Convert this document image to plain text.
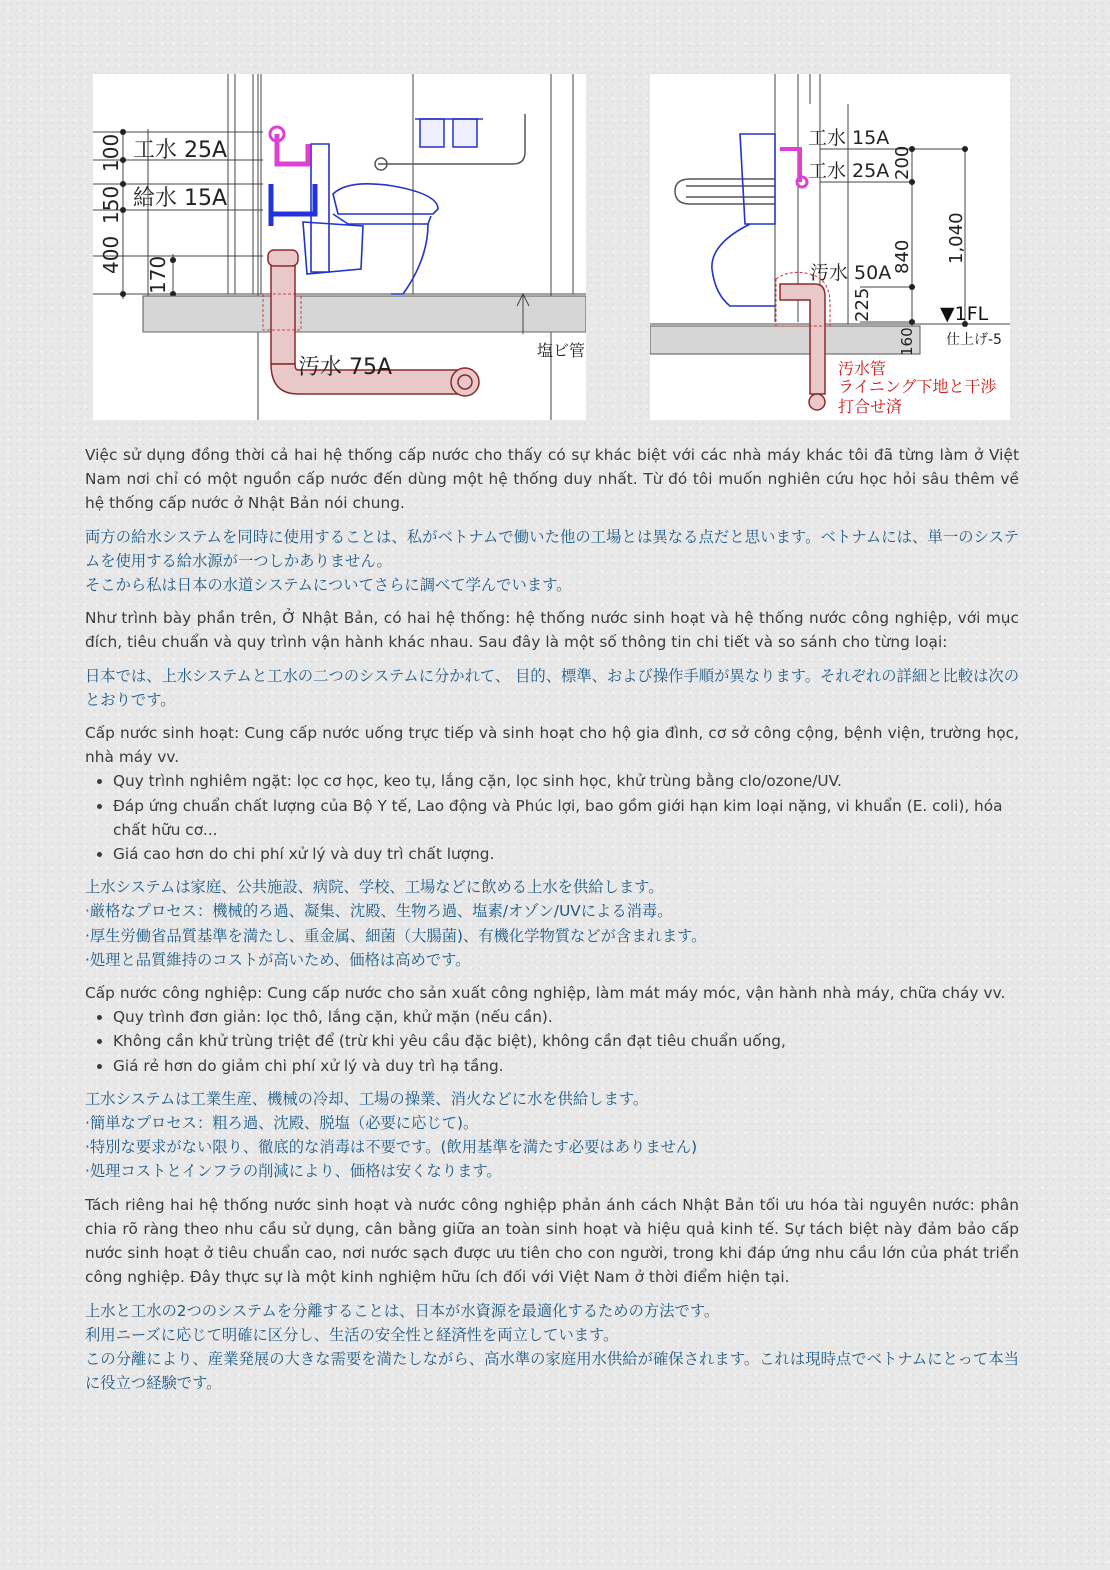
工水 25A
給水 15A
汚水 75A
塩ビ管
100
150
400
170
工水 15A
工水 25A
汚水 50A
200
840 1,040
225
160
▼1FL
仕上げ-5
汚水管
ライニング下地と干渉
打合せ済

Việc sử dụng đồng thời cả hai hệ thống cấp nước cho thấy có sự khác biệt với các nhà máy khác tôi đã từng làm ở Việt Nam nơi chỉ có một nguồn cấp nước đến dùng một hệ thống duy nhất. Từ đó tôi muốn nghiên cứu học hỏi sâu thêm về hệ thống cấp nước ở Nhật Bản nói chung.

両方の給水システムを同時に使用することは、私がベトナムで働いた他の工場とは異なる点だと思います。ベトナムには、単一のシステムを使用する給水源が一つしかありません。
そこから私は日本の水道システムについてさらに調べて学んでいます。

Như trình bày phần trên, Ở Nhật Bản, có hai hệ thống: hệ thống nước sinh hoạt và hệ thống nước công nghiệp, với mục đích, tiêu chuẩn và quy trình vận hành khác nhau. Sau đây là một số thông tin chi tiết và so sánh cho từng loại:

日本では、上水システムと工水の二つのシステムに分かれて、 目的、標準、および操作手順が異なります。それぞれの詳細と比較は次のとおりです。

Cấp nước sinh hoạt: Cung cấp nước uống trực tiếp và sinh hoạt cho hộ gia đình, cơ sở công cộng, bệnh viện, trường học, nhà máy vv.

• Quy trình nghiêm ngặt: lọc cơ học, keo tụ, lắng cặn, lọc sinh học, khử trùng bằng clo/ozone/UV.
• Đáp ứng chuẩn chất lượng của Bộ Y tế, Lao động và Phúc lợi, bao gồm giới hạn kim loại nặng, vi khuẩn (E. coli), hóa chất hữu cơ...
• Giá cao hơn do chi phí xử lý và duy trì chất lượng.

上水システムは家庭、公共施設、病院、学校、工場などに飲める上水を供給します。
·厳格なプロセス：機械的ろ過、凝集、沈殿、生物ろ過、塩素/オゾン/UVによる消毒。
·厚生労働省品質基準を満たし、重金属、細菌（大腸菌)、有機化学物質などが含まれます。
·処理と品質維持のコストが高いため、価格は高めです。

Cấp nước công nghiệp: Cung cấp nước cho sản xuất công nghiệp, làm mát máy móc, vận hành nhà máy, chữa cháy vv.

• Quy trình đơn giản: lọc thô, lắng cặn, khử mặn (nếu cần).
• Không cần khử trùng triệt để (trừ khi yêu cầu đặc biệt), không cần đạt tiêu chuẩn uống,
• Giá rẻ hơn do giảm chi phí xử lý và duy trì hạ tầng.

工水システムは工業生産、機械の冷却、工場の操業、消火などに水を供給します。
·簡単なプロセス：粗ろ過、沈殿、脱塩（必要に応じて)。
·特別な要求がない限り、徹底的な消毒は不要です。(飲用基準を満たす必要はありません)
·処理コストとインフラの削減により、価格は安くなります。

Tách riêng hai hệ thống nước sinh hoạt và nước công nghiệp phản ánh cách Nhật Bản tối ưu hóa tài nguyên nước: phân chia rõ ràng theo nhu cầu sử dụng, cân bằng giữa an toàn sinh hoạt và hiệu quả kinh tế. Sự tách biệt này đảm bảo cấp nước sinh hoạt ở tiêu chuẩn cao, nơi nước sạch được ưu tiên cho con người, trong khi đáp ứng nhu cầu lớn của phát triển công nghiệp. Đây thực sự là một kinh nghiệm hữu ích đối với Việt Nam ở thời điểm hiện tại.

上水と工水の2つのシステムを分離することは、日本が水資源を最適化するための方法です。
利用ニーズに応じて明確に区分し、生活の安全性と経済性を両立しています。
この分離により、産業発展の大きな需要を満たしながら、高水準の家庭用水供給が確保されます。これは現時点でベトナムにとって本当に役立つ経験です。
